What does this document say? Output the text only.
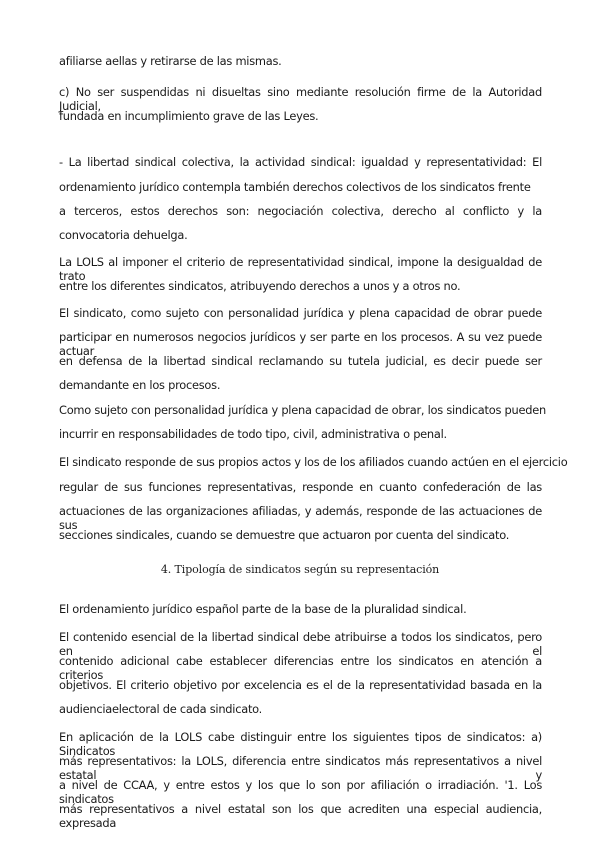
afiliarse aellas y retirarse de las mismas.
c) No ser suspendidas ni disueltas sino mediante resolución firme de la Autoridad Judicial,
fundada en incumplimiento grave de las Leyes.
- La libertad sindical colectiva, la actividad sindical: igualdad y representatividad: El
ordenamiento jurídico contempla también derechos colectivos de los sindicatos frente
a terceros, estos derechos son: negociación colectiva, derecho al conflicto y la
convocatoria dehuelga.
La LOLS al imponer el criterio de representatividad sindical, impone la desigualdad de trato
entre los diferentes sindicatos, atribuyendo derechos a unos y a otros no.
El sindicato, como sujeto con personalidad jurídica y plena capacidad de obrar puede
participar en numerosos negocios jurídicos y ser parte en los procesos. A su vez puede actuar
en defensa de la libertad sindical reclamando su tutela judicial, es decir puede ser
demandante en los procesos.
Como sujeto con personalidad jurídica y plena capacidad de obrar, los sindicatos pueden
incurrir en responsabilidades de todo tipo, civil, administrativa o penal.
El sindicato responde de sus propios actos y los de los afiliados cuando actúen en el ejercicio
regular de sus funciones representativas, responde en cuanto confederación de las
actuaciones de las organizaciones afiliadas, y además, responde de las actuaciones de sus
secciones sindicales, cuando se demuestre que actuaron por cuenta del sindicato.
4. Tipología de sindicatos según su representación
El ordenamiento jurídico español parte de la base de la pluralidad sindical.
El contenido esencial de la libertad sindical debe atribuirse a todos los sindicatos, pero en el
contenido adicional cabe establecer diferencias entre los sindicatos en atención a criterios
objetivos. El criterio objetivo por excelencia es el de la representatividad basada en la
audienciaelectoral de cada sindicato.
En aplicación de la LOLS cabe distinguir entre los siguientes tipos de sindicatos: a) Sindicatos
más representativos: la LOLS, diferencia entre sindicatos más representativos a nivel estatal y
a nivel de CCAA, y entre estos y los que lo son por afiliación o irradiación. '1. Los sindicatos
más representativos a nivel estatal son los que acrediten una especial audiencia, expresada
